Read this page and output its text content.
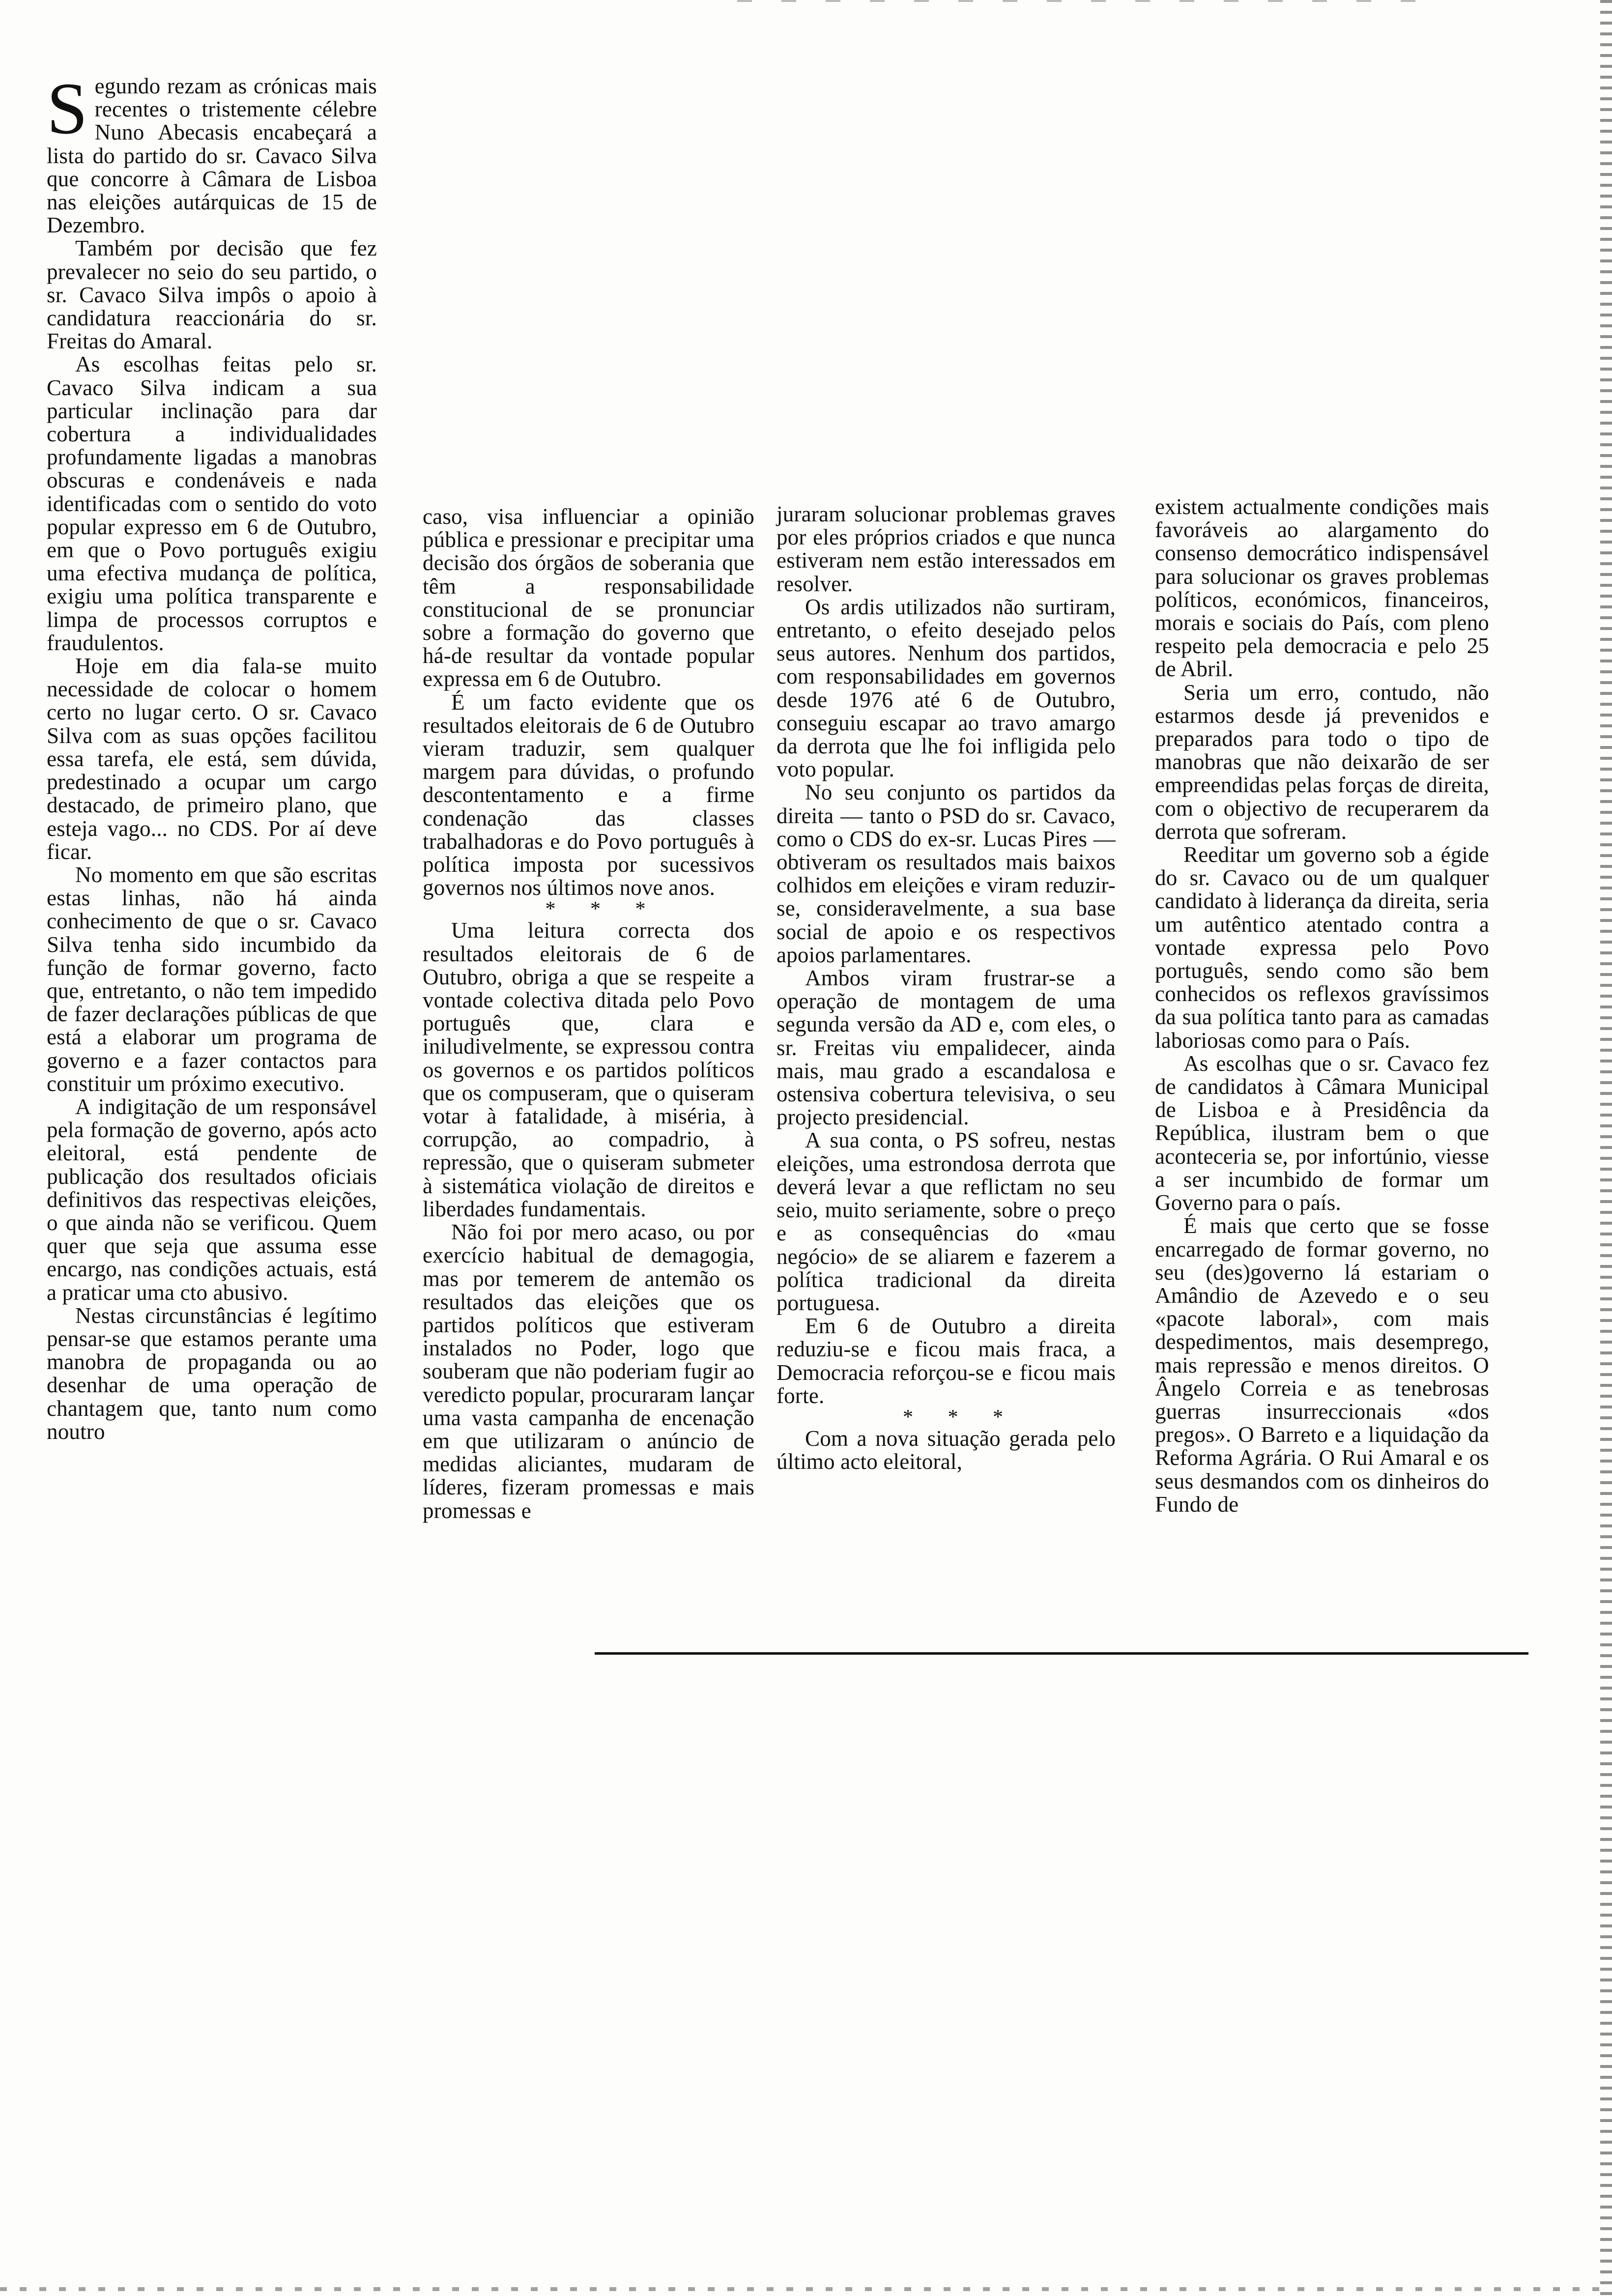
S egundo rezam as crónicas mais recentes o tristemente célebre Nuno Abecasis encabeçará a lista do partido do sr. Cavaco Silva que concorre à Câmara de Lisboa nas eleições autárquicas de 15 de Dezembro.

Também por decisão que fez prevalecer no seio do seu partido, o sr. Cavaco Silva impôs o apoio à candidatura reaccionária do sr. Freitas do Amaral.

As escolhas feitas pelo sr. Cavaco Silva indicam a sua particular inclinação para dar cobertura a individualidades profundamente ligadas a manobras obscuras e condenáveis e nada identificadas com o sentido do voto popular expresso em 6 de Outubro, em que o Povo português exigiu uma efectiva mudança de política, exigiu uma política transparente e limpa de processos corruptos e fraudulentos.

Hoje em dia fala-se muito necessidade de colocar o homem certo no lugar certo. O sr. Cavaco Silva com as suas opções facilitou essa tarefa, ele está, sem dúvida, predestinado a ocupar um cargo destacado, de primeiro plano, que esteja vago... no CDS. Por aí deve ficar.

No momento em que são escritas estas linhas, não há ainda conhecimento de que o sr. Cavaco Silva tenha sido incumbido da função de formar governo, facto que, entretanto, o não tem impedido de fazer declarações públicas de que está a elaborar um programa de governo e a fazer contactos para constituir um próximo executivo.

A indigitação de um responsável pela formação de governo, após acto eleitoral, está pendente de publicação dos resultados oficiais definitivos das respectivas eleições, o que ainda não se verificou. Quem quer que seja que assuma esse encargo, nas condições actuais, está a praticar uma cto abusivo.

Nestas circunstâncias é legítimo pensar-se que estamos perante uma manobra de propaganda ou ao desenhar de uma operação de chantagem que, tanto num como noutro

caso, visa influenciar a opinião pública e pressionar e precipitar uma decisão dos órgãos de soberania que têm a responsabilidade constitucional de se pronunciar sobre a formação do governo que há-de resultar da vontade popular expressa em 6 de Outubro.

É um facto evidente que os resultados eleitorais de 6 de Outubro vieram traduzir, sem qualquer margem para dúvidas, o profundo descontentamento e a firme condenação das classes trabalhadoras e do Povo português à política imposta por sucessivos governos nos últimos nove anos.

* * *

Uma leitura correcta dos resultados eleitorais de 6 de Outubro, obriga a que se respeite a vontade colectiva ditada pelo Povo português que, clara e iniludivelmente, se expressou contra os governos e os partidos políticos que os compuseram, que o quiseram votar à fatalidade, à miséria, à corrupção, ao compadrio, à repressão, que o quiseram submeter à sistemática violação de direitos e liberdades fundamentais.

Não foi por mero acaso, ou por exercício habitual de demagogia, mas por temerem de antemão os resultados das eleições que os partidos políticos que estiveram instalados no Poder, logo que souberam que não poderiam fugir ao veredicto popular, procuraram lançar uma vasta campanha de encenação em que utilizaram o anúncio de medidas aliciantes, mudaram de líderes, fizeram promessas e mais promessas e

juraram solucionar problemas graves por eles próprios criados e que nunca estiveram nem estão interessados em resolver.

Os ardis utilizados não surtiram, entretanto, o efeito desejado pelos seus autores. Nenhum dos partidos, com responsabilidades em governos desde 1976 até 6 de Outubro, conseguiu escapar ao travo amargo da derrota que lhe foi infligida pelo voto popular.

No seu conjunto os partidos da direita — tanto o PSD do sr. Cavaco, como o CDS do ex-sr. Lucas Pires — obtiveram os resultados mais baixos colhidos em eleições e viram reduzir-se, consideravelmente, a sua base social de apoio e os respectivos apoios parlamentares.

Ambos viram frustrar-se a operação de montagem de uma segunda versão da AD e, com eles, o sr. Freitas viu empalidecer, ainda mais, mau grado a escandalosa e ostensiva cobertura televisiva, o seu projecto presidencial.

A sua conta, o PS sofreu, nestas eleições, uma estrondosa derrota que deverá levar a que reflictam no seu seio, muito seriamente, sobre o preço e as consequências do «mau negócio» de se aliarem e fazerem a política tradicional da direita portuguesa.

Em 6 de Outubro a direita reduziu-se e ficou mais fraca, a Democracia reforçou-se e ficou mais forte.

* * *

Com a nova situação gerada pelo último acto eleitoral,

existem actualmente condições mais favoráveis ao alargamento do consenso democrático indispensável para solucionar os graves problemas políticos, económicos, financeiros, morais e sociais do País, com pleno respeito pela democracia e pelo 25 de Abril.

Seria um erro, contudo, não estarmos desde já prevenidos e preparados para todo o tipo de manobras que não deixarão de ser empreendidas pelas forças de direita, com o objectivo de recuperarem da derrota que sofreram.

Reeditar um governo sob a égide do sr. Cavaco ou de um qualquer candidato à liderança da direita, seria um autêntico atentado contra a vontade expressa pelo Povo português, sendo como são bem conhecidos os reflexos gravíssimos da sua política tanto para as camadas laboriosas como para o País.

As escolhas que o sr. Cavaco fez de candidatos à Câmara Municipal de Lisboa e à Presidência da República, ilustram bem o que aconteceria se, por infortúnio, viesse a ser incumbido de formar um Governo para o país.

É mais que certo que se fosse encarregado de formar governo, no seu (des)governo lá estariam o Amândio de Azevedo e o seu «pacote laboral», com mais despedimentos, mais desemprego, mais repressão e menos direitos. O Ângelo Correia e as tenebrosas guerras insurreccionais «dos pregos». O Barreto e a liquidação da Reforma Agrária. O Rui Amaral e os seus desmandos com os dinheiros do Fundo de
